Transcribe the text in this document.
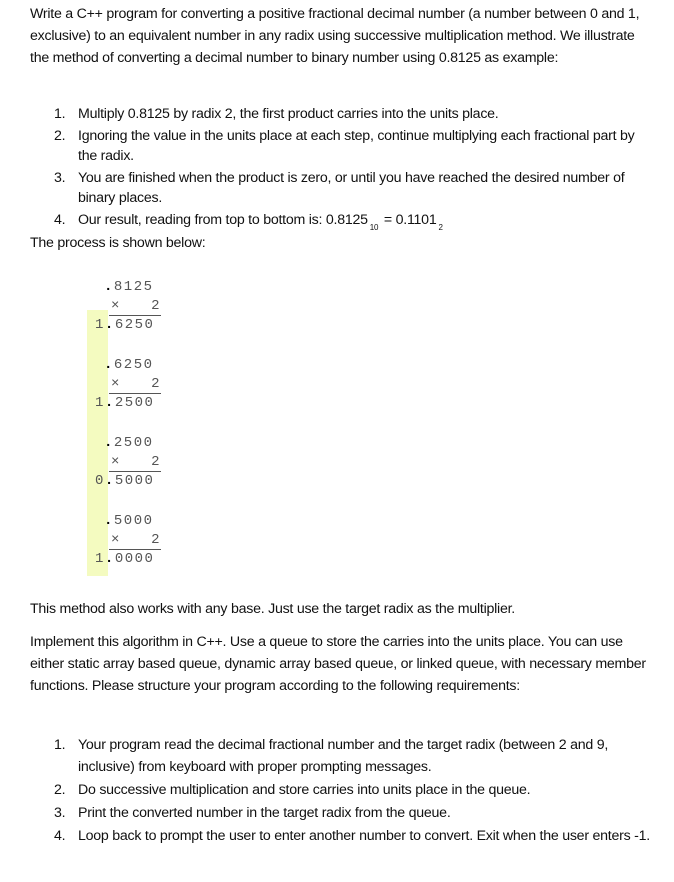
Write a C++ program for converting a positive fractional decimal number (a number between 0 and 1, exclusive) to an equivalent number in any radix using successive multiplication method. We illustrate the method of converting a decimal number to binary number using 0.8125 as example:

1. Multiply 0.8125 by radix 2, the first product carries into the units place.
2. Ignoring the value in the units place at each step, continue multiplying each fractional part by the radix.
3. You are finished when the product is zero, or until you have reached the desired number of binary places.
4. Our result, reading from top to bottom is: 0.8125 $_{10}$ = 0.1101 $_2$

The process is shown below:

.8125
× 2
1.6250
.6250
× 2
1.2500
.2500
× 2
0.5000
.5000
× 2
1.0000

This method also works with any base. Just use the target radix as the multiplier.

Implement this algorithm in C++. Use a queue to store the carries into the units place. You can use either static array based queue, dynamic array based queue, or linked queue, with necessary member functions. Please structure your program according to the following requirements:

1. Your program read the decimal fractional number and the target radix (between 2 and 9, inclusive) from keyboard with proper prompting messages.
2. Do successive multiplication and store carries into units place in the queue.
3. Print the converted number in the target radix from the queue.
4. Loop back to prompt the user to enter another number to convert. Exit when the user enters -1.
